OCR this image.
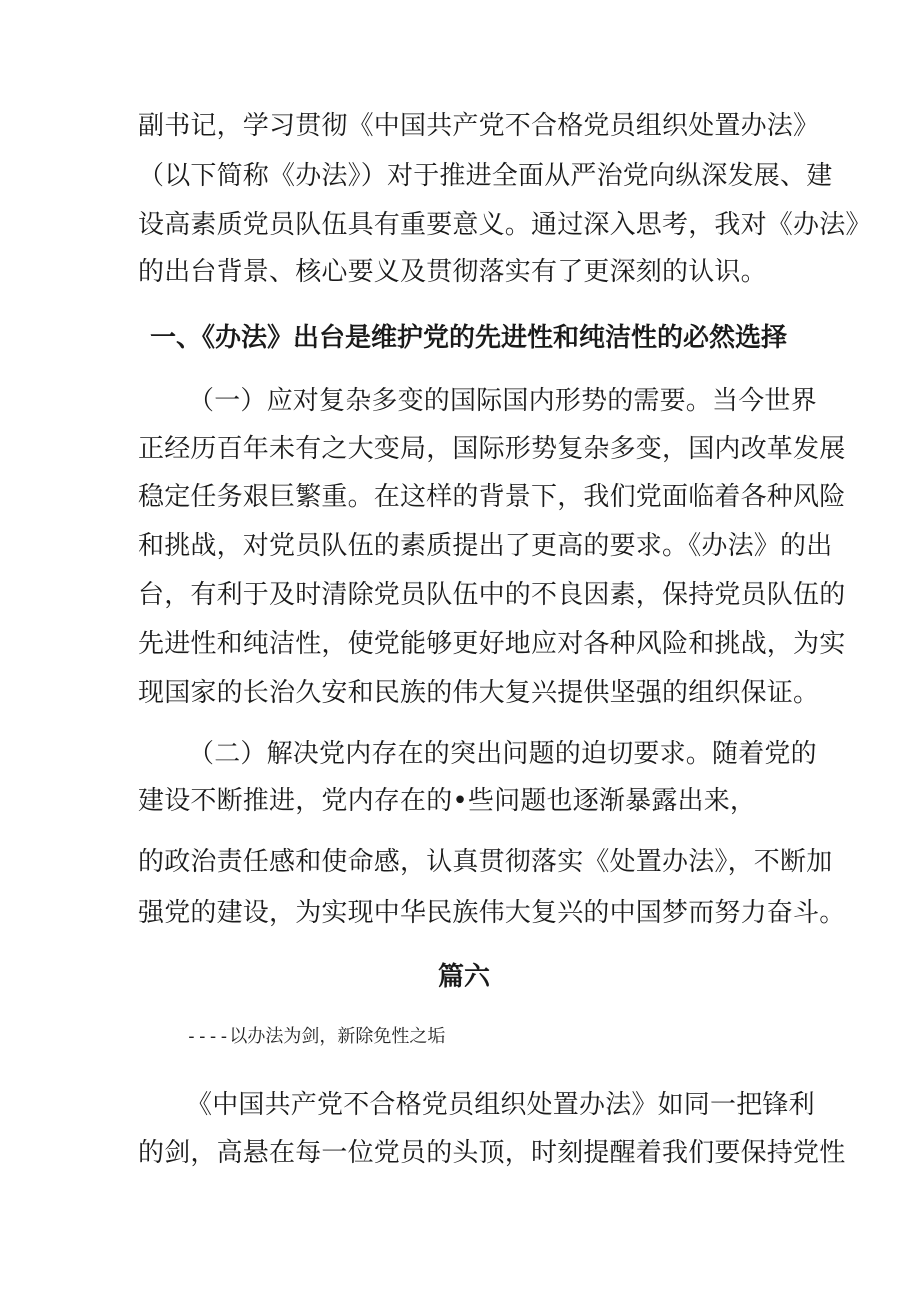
副书记，学习贯彻《中国共产党不合格党员组织处置办法》
（以下简称《办法》）对于推进全面从严治党向纵深发展、建
设高素质党员队伍具有重要意义。通过深入思考，我对《办法》
的出台背景、核心要义及贯彻落实有了更深刻的认识。
一、《办法》出台是维护党的先进性和纯洁性的必然选择
（一）应对复杂多变的国际国内形势的需要。当今世界
正经历百年未有之大变局，国际形势复杂多变，国内改革发展
稳定任务艰巨繁重。在这样的背景下，我们党面临着各种风险
和挑战，对党员队伍的素质提出了更高的要求。《办法》的出
台，有利于及时清除党员队伍中的不良因素，保持党员队伍的
先进性和纯洁性，使党能够更好地应对各种风险和挑战，为实
现国家的长治久安和民族的伟大复兴提供坚强的组织保证。
（二）解决党内存在的突出问题的迫切要求。随着党的
建设不断推进，党内存在的•些问题也逐渐暴露出来，
的政治责任感和使命感，认真贯彻落实《处置办法》，不断加
强党的建设，为实现中华民族伟大复兴的中国梦而努力奋斗。
篇六
----以办法为剑，新除免性之垢
《中国共产党不合格党员组织处置办法》如同一把锋利
的剑，高悬在每一位党员的头顶，时刻提醒着我们要保持党性
